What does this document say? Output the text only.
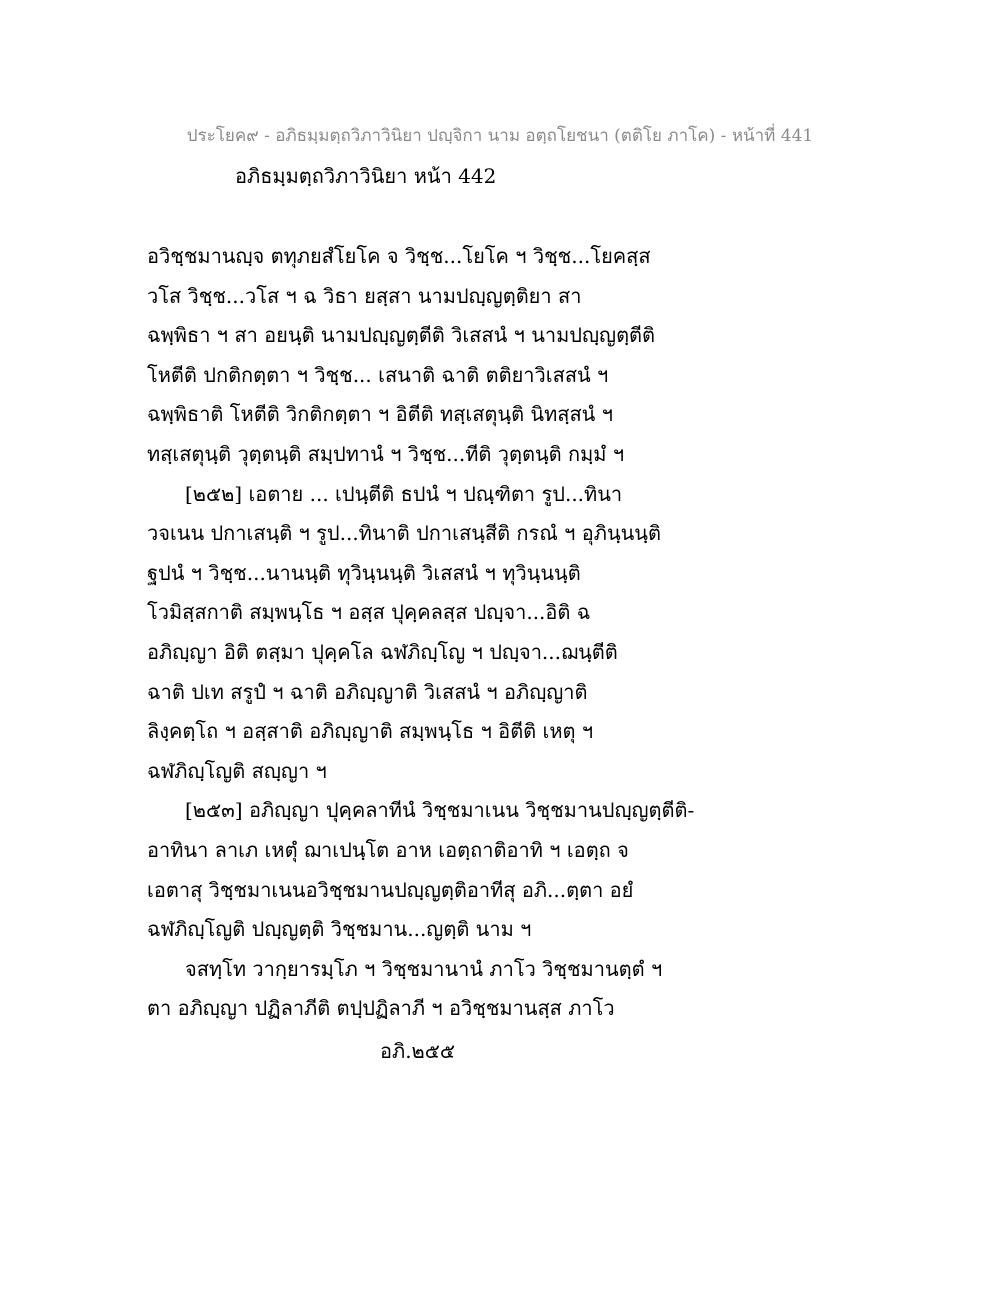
ประโยค๙ - อภิธมฺมตฺถวิภาวินิยา ปญฺจิกา นาม อตฺถโยชนา (ตติโย ภาโค) - หน้าที่ 441
อภิธมฺมตฺถวิภาวินิยา หน้า 442
อวิชฺชมานญฺจ ตทุภยสํโยโค จ วิชฺช...โยโค ฯ วิชฺช...โยคสฺส
วโส วิชฺช...วโส ฯ ฉ วิธา ยสฺสา นามปญฺญตฺติยา สา
ฉพฺพิธา ฯ สา อยนฺติ นามปญฺญตฺตีติ วิเสสนํ ฯ นามปญฺญตฺตีติ
โหตีติ ปกติกตฺตา ฯ วิชฺช... เสนาติ ฉาติ ตติยาวิเสสนํ ฯ
ฉพฺพิธาติ โหตีติ วิกติกตฺตา ฯ อิตีติ ทสฺเสตุนฺติ นิทสฺสนํ ฯ
ทสฺเสตุนฺติ วุตฺตนฺติ สมฺปทานํ ฯ วิชฺช...ทีติ วุตฺตนฺติ กมฺมํ ฯ
[๒๕๒] เอตาย ... เปนฺตีติ ธปนํ ฯ ปณฺฑิตา รูป...ทินา
วจเนน ปกาเสนฺติ ฯ รูป...ทินาติ ปกาเสนฺสีติ กรณํ ฯ อุภินฺนนฺติ
ฐปนํ ฯ วิชฺช...นานนฺติ ทุวินฺนนฺติ วิเสสนํ ฯ ทุวินฺนนฺติ
โวมิสฺสกาติ สมฺพนฺโธ ฯ อสฺส ปุคฺคลสฺส ปญฺจา...อิติ ฉ
อภิญฺญา อิติ ตสฺมา ปุคฺคโล ฉฬภิญฺโญ ฯ ปญฺจา...ฌนฺตีติ
ฉาติ ปเท สรูปํ ฯ ฉาติ อภิญฺญาติ วิเสสนํ ฯ อภิญฺญาติ
ลิงฺคตฺโถ ฯ อสฺสาติ อภิญฺญาติ สมฺพนฺโธ ฯ อิตีติ เหตุ ฯ
ฉฬภิญฺโญติ สญฺญา ฯ
[๒๕๓] อภิญฺญา ปุคฺคลาทีนํ วิชฺชมาเนน วิชฺชมานปญฺญตฺตีติ-
อาทินา ลาเภ เหตุํ ฌาเปนฺโต อาห เอตฺถาติอาทิ ฯ เอตฺถ จ
เอตาสุ วิชฺชมาเนนอวิชฺชมานปญฺญตฺติอาทีสุ อภิ...ตฺตา อยํ
ฉฬภิญฺโญติ ปญฺญตฺติ วิชฺชมาน...ญตฺติ นาม ฯ
จสทฺโท วากฺยารมฺโภ ฯ วิชฺชมานานํ ภาโว วิชฺชมานตฺตํ ฯ
ตา อภิญฺญา ปฏิลาภีติ ตปฺปฏิลาภี ฯ อวิชฺชมานสฺส ภาโว
อภิ.๒๕๕
